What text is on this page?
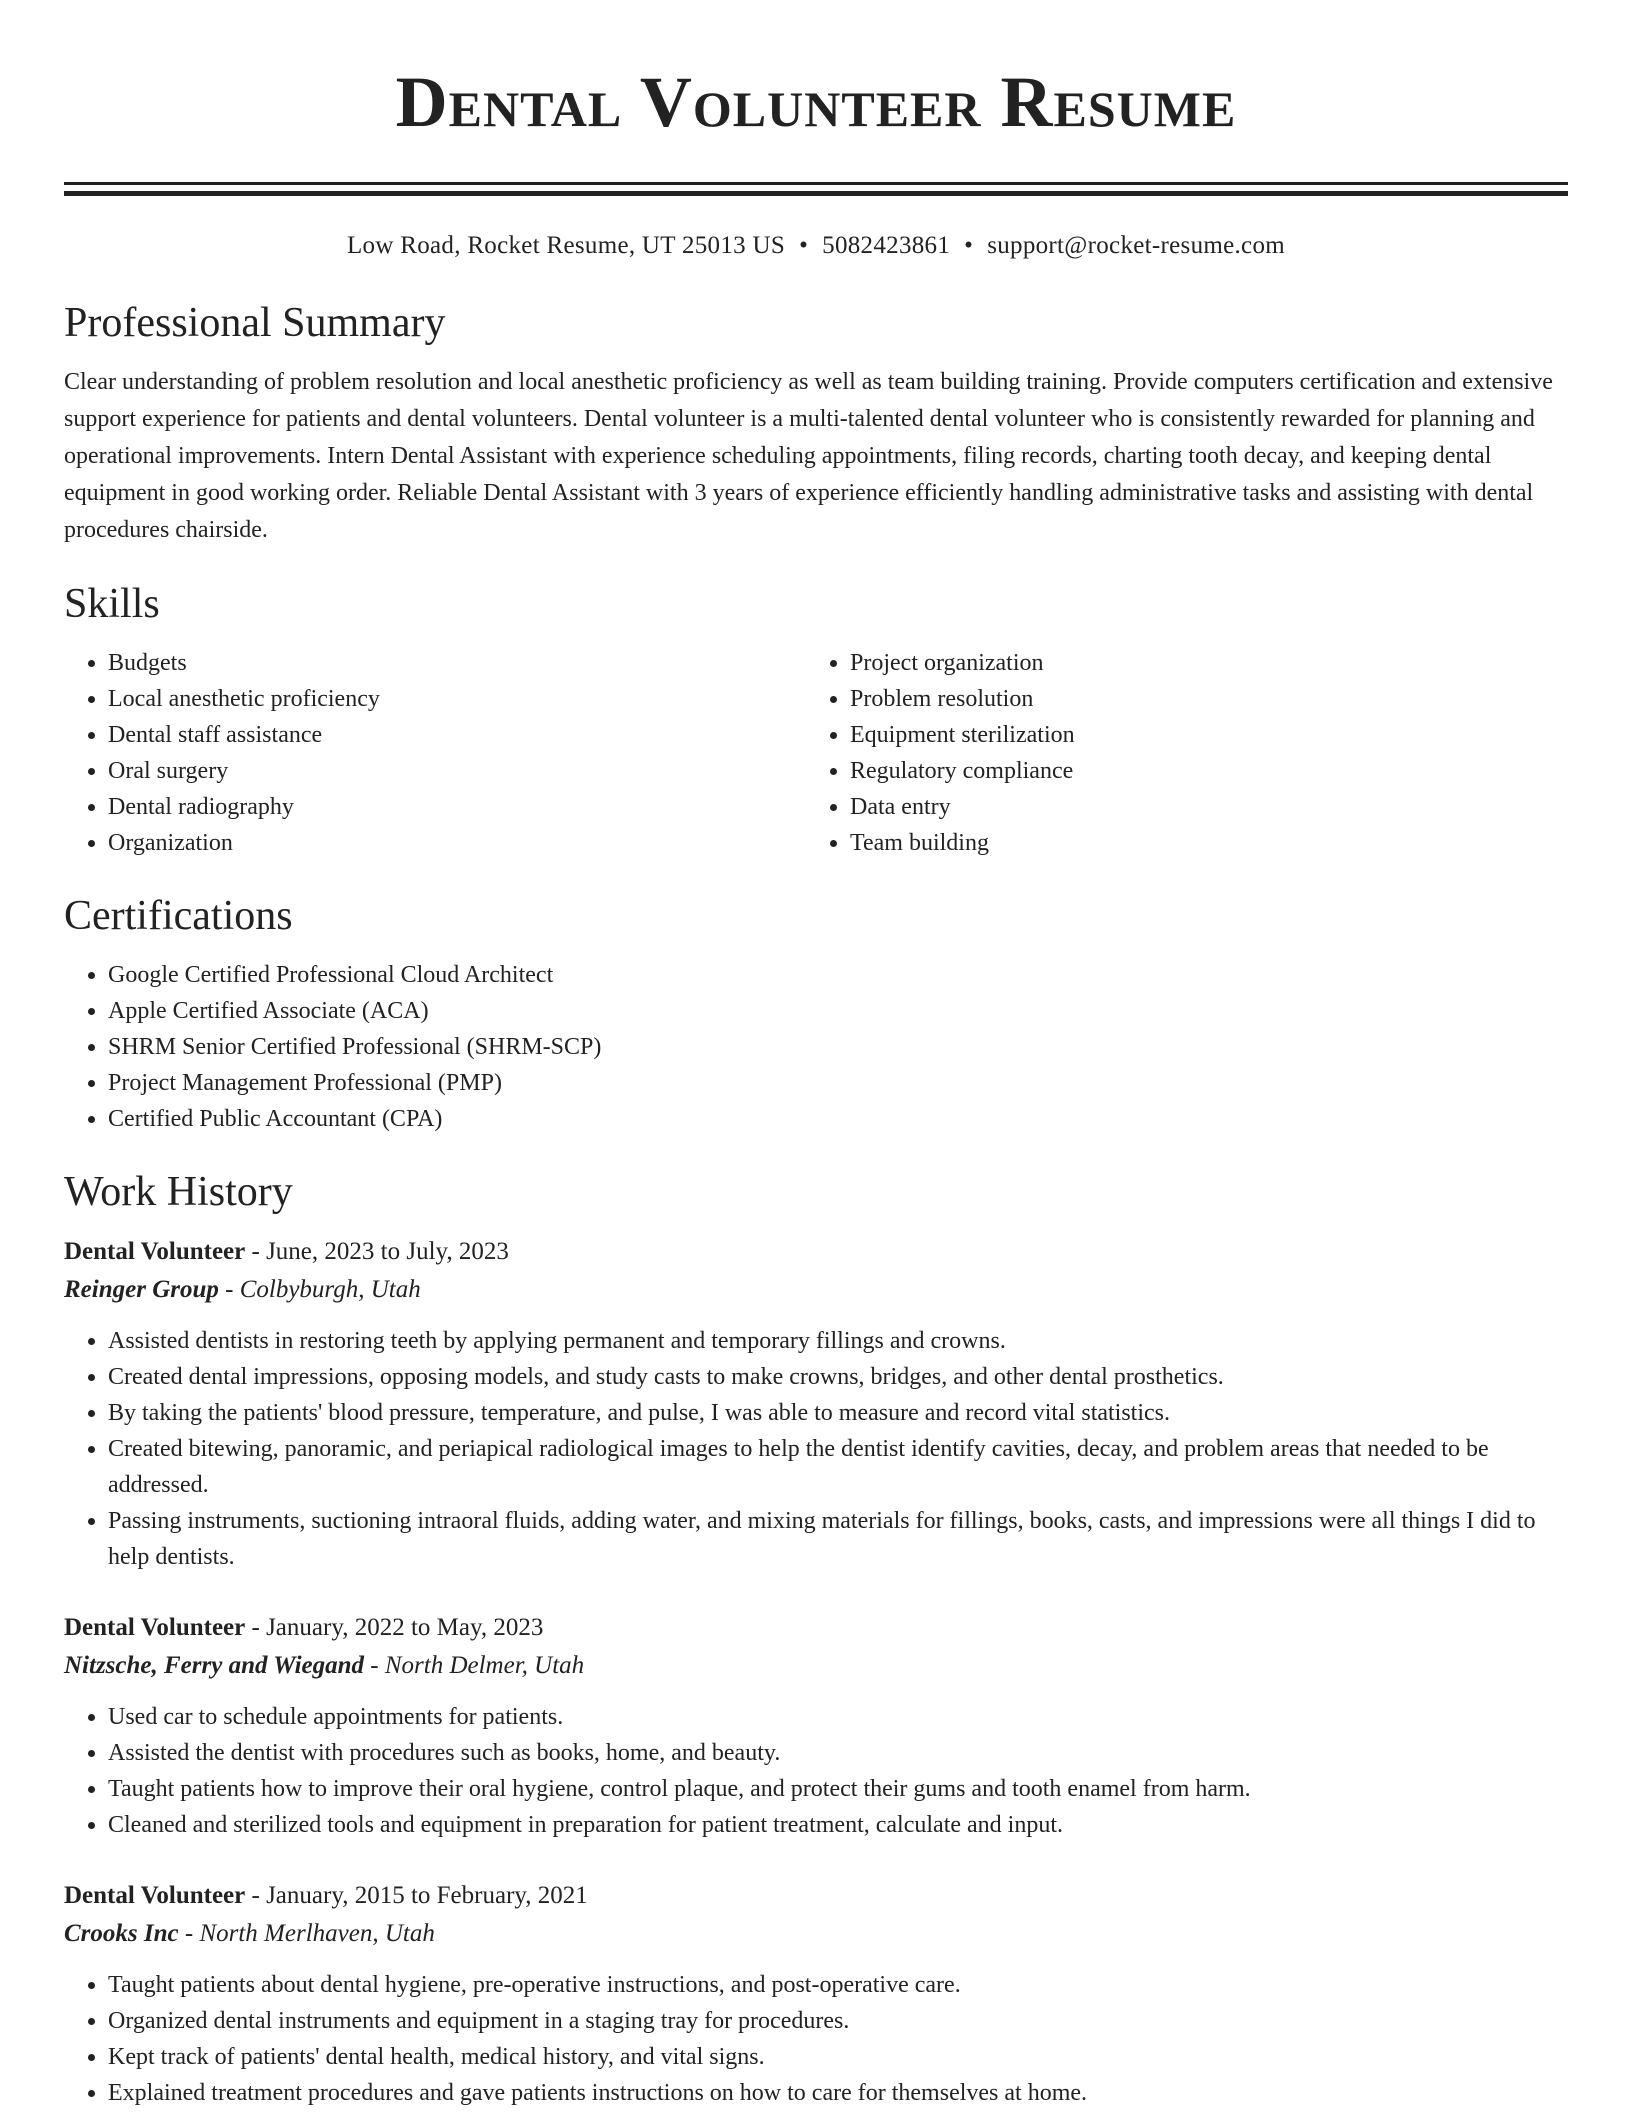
Dental Volunteer Resume
Low Road, Rocket Resume, UT 25013 US • 5082423861 • support@rocket-resume.com
Professional Summary

Clear understanding of problem resolution and local anesthetic proficiency as well as team building training. Provide computers certification and extensive support experience for patients and dental volunteers. Dental volunteer is a multi-talented dental volunteer who is consistently rewarded for planning and operational improvements. Intern Dental Assistant with experience scheduling appointments, filing records, charting tooth decay, and keeping dental equipment in good working order. Reliable Dental Assistant with 3 years of experience efficiently handling administrative tasks and assisting with dental procedures chairside.

Skills
• Budgets
• Local anesthetic proficiency
• Dental staff assistance
• Oral surgery
• Dental radiography
• Organization
• Project organization
• Problem resolution
• Equipment sterilization
• Regulatory compliance
• Data entry
• Team building
Certifications
• Google Certified Professional Cloud Architect
• Apple Certified Associate (ACA)
• SHRM Senior Certified Professional (SHRM-SCP)
• Project Management Professional (PMP)
• Certified Public Accountant (CPA)
Work History
Dental Volunteer - June, 2023 to July, 2023
Reinger Group - Colbyburgh, Utah
• Assisted dentists in restoring teeth by applying permanent and temporary fillings and crowns.
• Created dental impressions, opposing models, and study casts to make crowns, bridges, and other dental prosthetics.
• By taking the patients' blood pressure, temperature, and pulse, I was able to measure and record vital statistics.
• Created bitewing, panoramic, and periapical radiological images to help the dentist identify cavities, decay, and problem areas that needed to be addressed.
• Passing instruments, suctioning intraoral fluids, adding water, and mixing materials for fillings, books, casts, and impressions were all things I did to help dentists.
Dental Volunteer - January, 2022 to May, 2023
Nitzsche, Ferry and Wiegand - North Delmer, Utah
• Used car to schedule appointments for patients.
• Assisted the dentist with procedures such as books, home, and beauty.
• Taught patients how to improve their oral hygiene, control plaque, and protect their gums and tooth enamel from harm.
• Cleaned and sterilized tools and equipment in preparation for patient treatment, calculate and input.
Dental Volunteer - January, 2015 to February, 2021
Crooks Inc - North Merlhaven, Utah
• Taught patients about dental hygiene, pre-operative instructions, and post-operative care.
• Organized dental instruments and equipment in a staging tray for procedures.
• Kept track of patients' dental health, medical history, and vital signs.
• Explained treatment procedures and gave patients instructions on how to care for themselves at home.
